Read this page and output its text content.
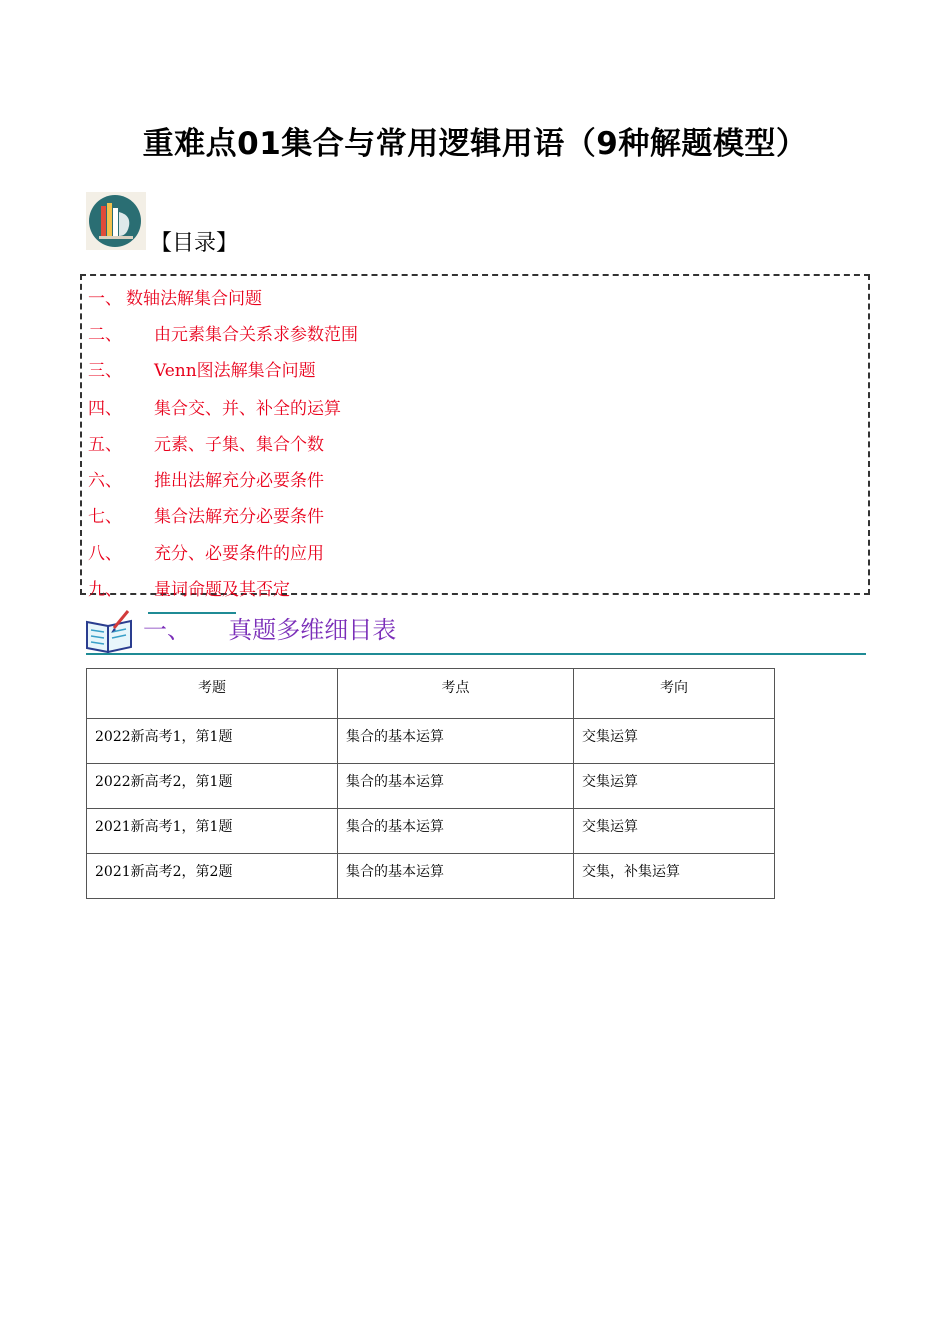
重难点01集合与常用逻辑用语（9种解题模型）
【目录】
一、 数轴法解集合问题
二、 由元素集合关系求参数范围
三、 Venn图法解集合问题
四、 集合交、并、补全的运算
五、 元素、子集、集合个数
六、 推出法解充分必要条件
七、 集合法解充分必要条件
八、 充分、必要条件的应用
九、 量词命题及其否定
一、 真题多维细目表
考题	考点	考向
2022新高考1，第1题	集合的基本运算	交集运算
2022新高考2，第1题	集合的基本运算	交集运算
2021新高考1，第1题	集合的基本运算	交集运算
2021新高考2，第2题	集合的基本运算	交集，补集运算
